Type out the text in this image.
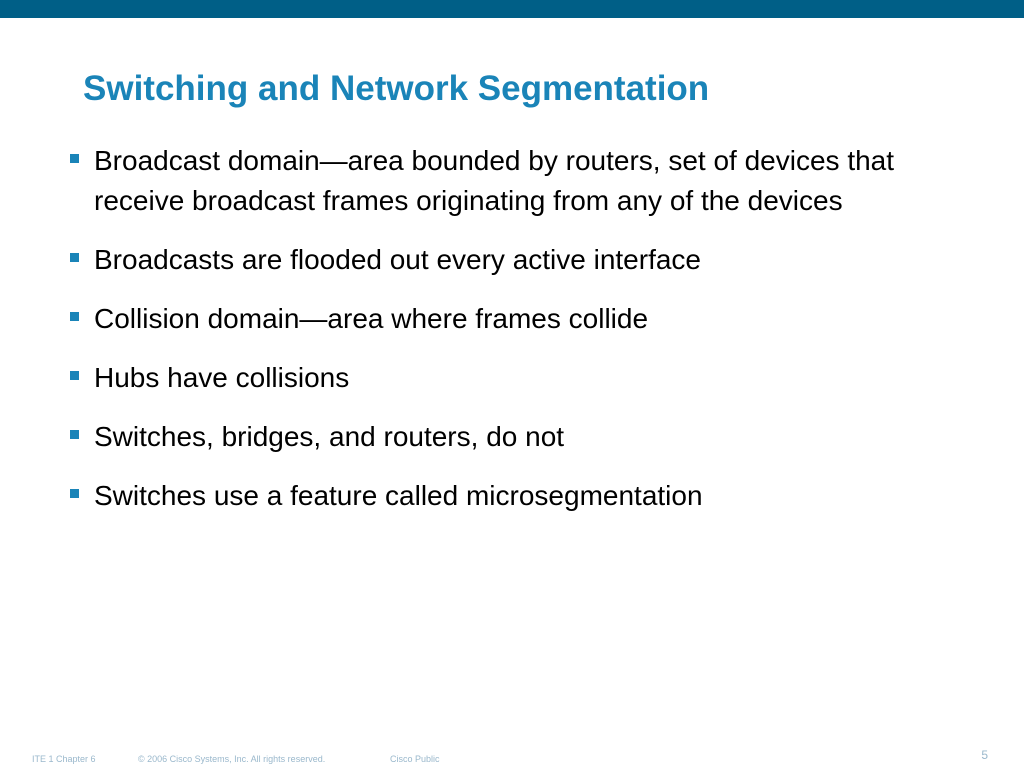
Switching and Network Segmentation
Broadcast domain—area bounded by routers, set of devices that receive broadcast frames originating from any of the devices
Broadcasts are flooded out every active interface
Collision domain—area where frames collide
Hubs have collisions
Switches, bridges, and routers, do not
Switches use a feature called microsegmentation
ITE 1 Chapter 6	© 2006 Cisco Systems, Inc. All rights reserved.	Cisco Public	5
